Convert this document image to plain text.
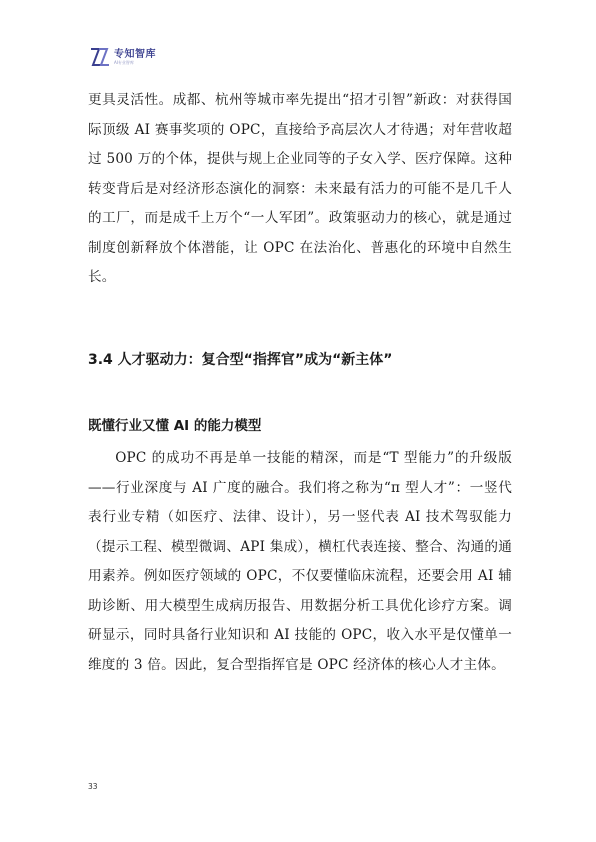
专知智库
AI专业智库

更具灵活性。成都、杭州等城市率先提出“招才引智”新政：对获得国际顶级 AI 赛事奖项的 OPC，直接给予高层次人才待遇；对年营收超过 500 万的个体，提供与规上企业同等的子女入学、医疗保障。这种转变背后是对经济形态演化的洞察：未来最有活力的可能不是几千人的工厂，而是成千上万个“一人军团”。政策驱动力的核心，就是通过制度创新释放个体潜能，让 OPC 在法治化、普惠化的环境中自然生长。

3.4 人才驱动力：复合型“指挥官”成为“新主体”
既懂行业又懂 AI 的能力模型

OPC 的成功不再是单一技能的精深，而是“T 型能力”的升级版——行业深度与 AI 广度的融合。我们将之称为“π 型人才”：一竖代表行业专精（如医疗、法律、设计），另一竖代表 AI 技术驾驭能力（提示工程、模型微调、API 集成），横杠代表连接、整合、沟通的通用素养。例如医疗领域的 OPC，不仅要懂临床流程，还要会用 AI 辅助诊断、用大模型生成病历报告、用数据分析工具优化诊疗方案。调研显示，同时具备行业知识和 AI 技能的 OPC，收入水平是仅懂单一维度的 3 倍。因此，复合型指挥官是 OPC 经济体的核心人才主体。

33
